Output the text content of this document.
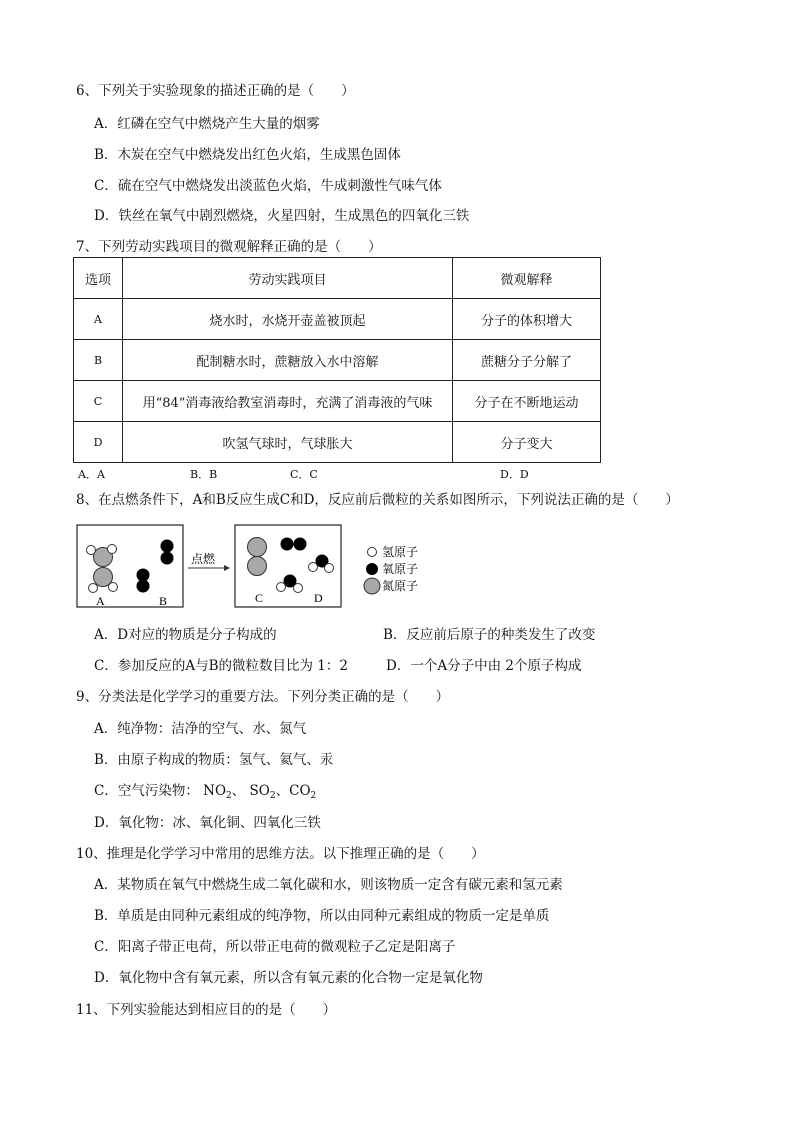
6、下列关于实验现象的描述正确的是（　　）
A．红磷在空气中燃烧产生大量的烟雾
B．木炭在空气中燃烧发出红色火焰，生成黑色固体
C．硫在空气中燃烧发出淡蓝色火焰，牛成刺激性气味气体
D．铁丝在氧气中剧烈燃烧，火星四射，生成黑色的四氧化三铁
7、下列劳动实践项目的微观解释正确的是（　　）
选项	劳动实践项目	微观解释
A	烧水时，水烧开壶盖被顶起	分子的体积增大
B	配制糖水时，蔗糖放入水中溶解	蔗糖分子分解了
C	用“84”消毒液给教室消毒时，充满了消毒液的气味	分子在不断地运动
D	吹氢气球时，气球胀大	分子变大
A．A	B．B	C．C	D．D
8、在点燃条件下，A和B反应生成C和D，反应前后微粒的关系如图所示，下列说法正确的是（　　）
A	B
点燃
C	D
氢原子
氧原子
氮原子
A．D对应的物质是分子构成的	B．反应前后原子的种类发生了改变
C．参加反应的A与B的微粒数目比为 1：2	D．一个A分子中由 2个原子构成
9、分类法是化学学习的重要方法。下列分类正确的是（　　）
A．纯净物：洁净的空气、水、氮气
B．由原子构成的物质：氢气、氦气、汞
C．空气污染物： $NO_2$、 $SO_2$、$CO_2$
D．氧化物：冰、氧化铜、四氧化三铁
10、推理是化学学习中常用的思维方法。以下推理正确的是（　　）
A．某物质在氧气中燃烧生成二氧化碳和水，则该物质一定含有碳元素和氢元素
B．单质是由同种元素组成的纯净物，所以由同种元素组成的物质一定是单质
C．阳离子带正电荷，所以带正电荷的微观粒子乙定是阳离子
D．氧化物中含有氧元素，所以含有氧元素的化合物一定是氧化物
11、下列实验能达到相应目的的是（　　）
